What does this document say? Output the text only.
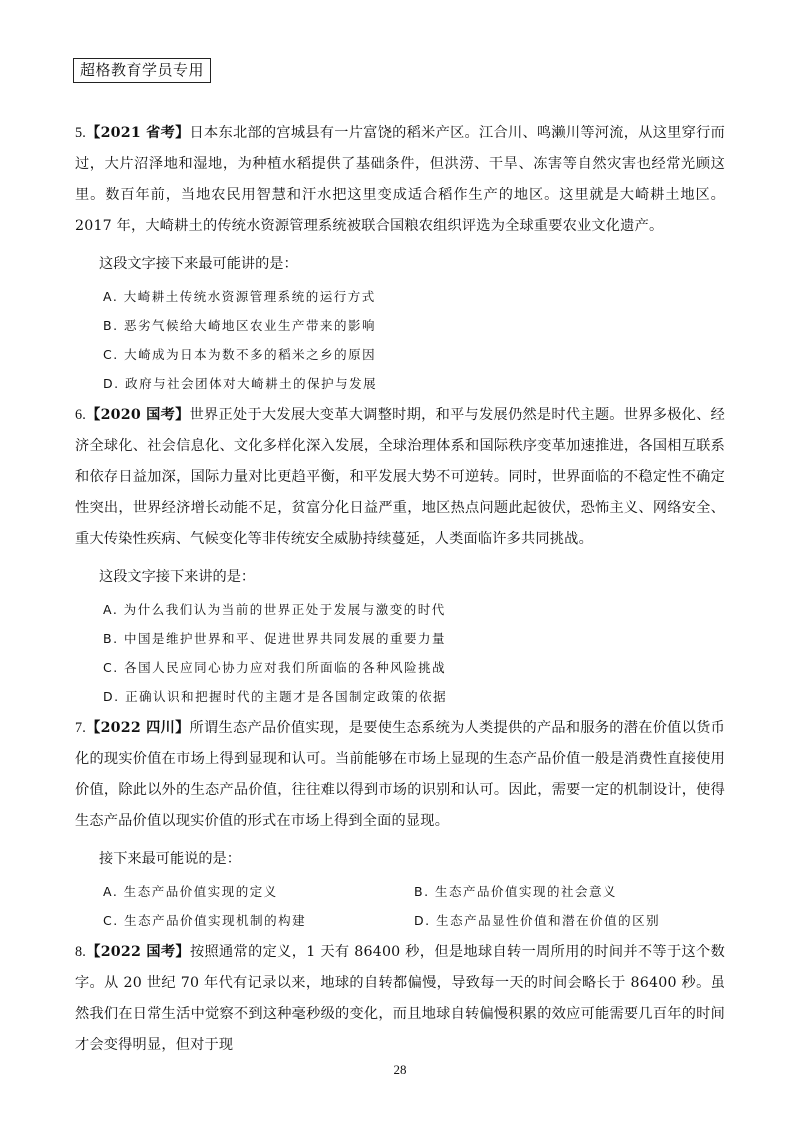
超格教育学员专用

5.【2021 省考】日本东北部的宫城县有一片富饶的稻米产区。江合川、鸣濑川等河流，从这里穿行而过，大片沼泽地和湿地，为种植水稻提供了基础条件，但洪涝、干旱、冻害等自然灾害也经常光顾这里。数百年前，当地农民用智慧和汗水把这里变成适合稻作生产的地区。这里就是大崎耕土地区。2017 年，大崎耕土的传统水资源管理系统被联合国粮农组织评选为全球重要农业文化遗产。

这段文字接下来最可能讲的是：

A. 大崎耕土传统水资源管理系统的运行方式

B. 恶劣气候给大崎地区农业生产带来的影响

C. 大崎成为日本为数不多的稻米之乡的原因

D. 政府与社会团体对大崎耕土的保护与发展

6.【2020 国考】世界正处于大发展大变革大调整时期，和平与发展仍然是时代主题。世界多极化、经济全球化、社会信息化、文化多样化深入发展，全球治理体系和国际秩序变革加速推进，各国相互联系和依存日益加深，国际力量对比更趋平衡，和平发展大势不可逆转。同时，世界面临的不稳定性不确定性突出，世界经济增长动能不足，贫富分化日益严重，地区热点问题此起彼伏，恐怖主义、网络安全、重大传染性疾病、气候变化等非传统安全威胁持续蔓延，人类面临许多共同挑战。

这段文字接下来讲的是：

A. 为什么我们认为当前的世界正处于发展与激变的时代

B. 中国是维护世界和平、促进世界共同发展的重要力量

C. 各国人民应同心协力应对我们所面临的各种风险挑战

D. 正确认识和把握时代的主题才是各国制定政策的依据

7.【2022 四川】所谓生态产品价值实现，是要使生态系统为人类提供的产品和服务的潜在价值以货币化的现实价值在市场上得到显现和认可。当前能够在市场上显现的生态产品价值一般是消费性直接使用价值，除此以外的生态产品价值，往往难以得到市场的识别和认可。因此，需要一定的机制设计，使得生态产品价值以现实价值的形式在市场上得到全面的显现。

接下来最可能说的是：

A. 生态产品价值实现的定义	B. 生态产品价值实现的社会意义

C. 生态产品价值实现机制的构建	D. 生态产品显性价值和潜在价值的区别

8.【2022 国考】按照通常的定义，1 天有 86400 秒，但是地球自转一周所用的时间并不等于这个数字。从 20 世纪 70 年代有记录以来，地球的自转都偏慢，导致每一天的时间会略长于 86400 秒。虽然我们在日常生活中觉察不到这种毫秒级的变化，而且地球自转偏慢积累的效应可能需要几百年的时间才会变得明显，但对于现

28
